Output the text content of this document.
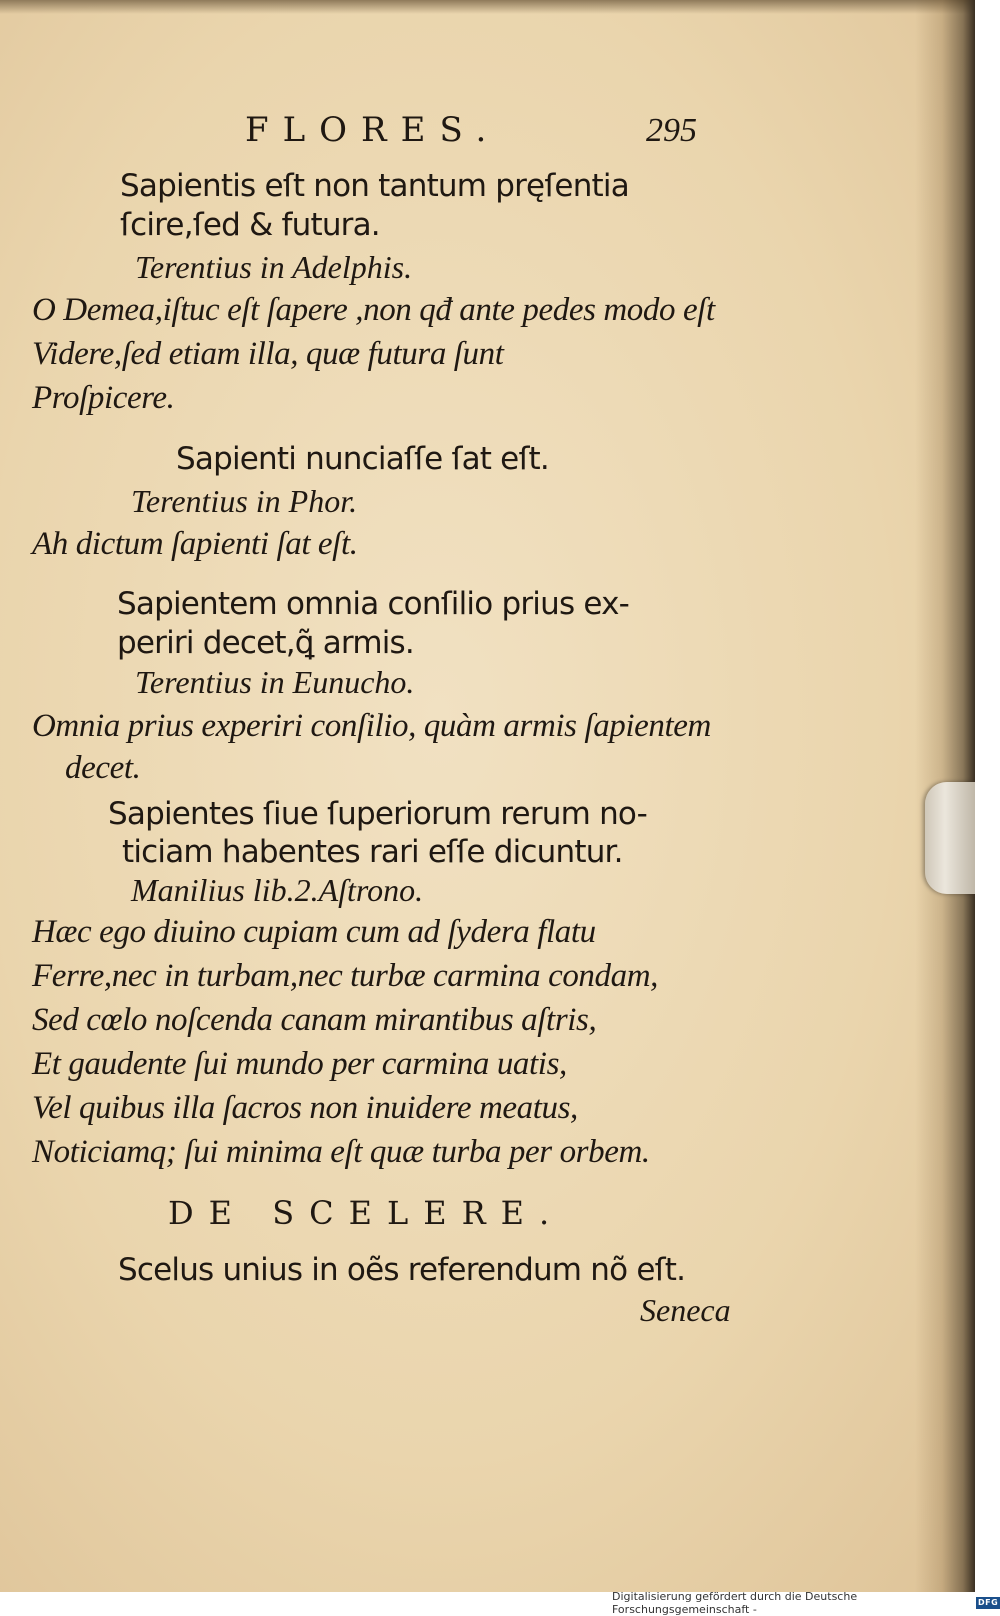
FLORES.	295
Sapientis eſt non tantum pręſentia
ſcire,ſed & futura.
Terentius in Adelphis.
O Demea,iſtuc eſt ſapere ,non qđ ante pedes modo eſt
Videre,ſed etiam illa, quæ futura ſunt
Proſpicere.
Sapienti nunciaſſe ſat eſt.
Terentius in Phor.
Ah dictum ſapienti ſat eſt.
Sapientem omnia conſilio prius ex-
periri decet,ꝗ̃ armis.
Terentius in Eunucho.
Omnia prius experiri conſilio, quàm armis ſapientem
decet.
Sapientes ſiue ſuperiorum rerum no-
ticiam habentes rari eſſe dicuntur.
Manilius lib.2.Aſtrono.
Hæc ego diuino cupiam cum ad ſydera flatu
Ferre,nec in turbam,nec turbæ carmina condam,
Sed cœlo noſcenda canam mirantibus aſtris,
Et gaudente ſui mundo per carmina uatis,
Vel quibus illa ſacros non inuidere meatus,
Noticiamq; ſui minima eſt quæ turba per orbem.
DE SCELERE.
Scelus unius in oẽs referendum nõ eſt.
Seneca
Digitalisierung gefördert durch die Deutsche Forschungsgemeinschaft -	DFG
